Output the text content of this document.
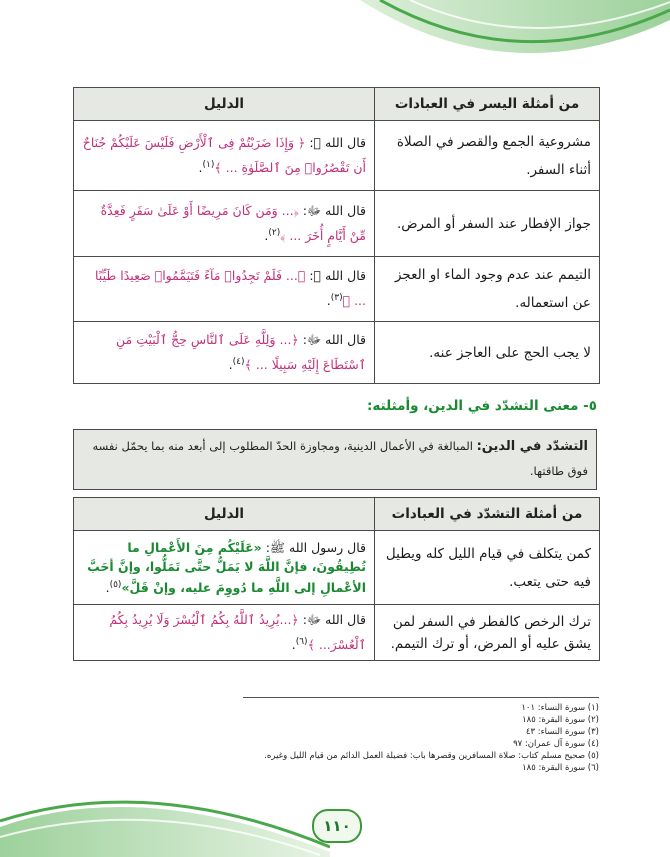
من أمثلة اليسر في العبادات	الدليل
مشروعية الجمع والقصر في الصلاة أثناء السفر.	قال الله ﷻ: ﴿ وَإِذَا ضَرَبْتُمْ فِى ٱلْأَرْضِ فَلَيْسَ عَلَيْكُمْ جُنَاحٌ أَن تَقْصُرُوا۟ مِنَ ٱلصَّلَوٰةِ ... ﴾$^{(١)}$.
جواز الإفطار عند السفر أو المرض.	قال الله ﷻ: ﴿... وَمَن كَانَ مَرِيضًا أَوْ عَلَىٰ سَفَرٍ فَعِدَّةٌ مِّنْ أَيَّامٍ أُخَرَ ... ﴾$^{(٢)}$.
التيمم عند عدم وجود الماء او العجز عن استعماله.	قال الله ﷻ: ﴿... فَلَمْ تَجِدُوا۟ مَآءً فَتَيَمَّمُوا۟ صَعِيدًا طَيِّبًا ... ﴾$^{(٣)}$.
لا يجب الحج على العاجز عنه.	قال الله ﷻ: ﴿... وَلِلَّهِ عَلَى ٱلنَّاسِ حِجُّ ٱلْبَيْتِ مَنِ ٱسْتَطَاعَ إِلَيْهِ سَبِيلًا ... ﴾$^{(٤)}$.
٥- معنى التشدّد في الدين، وأمثلته:
التشدّد في الدين: المبالغة في الأعمال الدينية، ومجاوزة الحدّ المطلوب إلى أبعد منه بما يحمّل نفسه فوق طاقتها.
من أمثلة التشدّد في العبادات	الدليل
كمن يتكلف في قيام الليل كله ويطيل فيه حتى يتعب.	قال رسول الله ﷺ: «عَلَيْكُم مِنَ الأَعْمالِ ما تُطِيقُونَ، فإنَّ اللَّهَ لا يَمَلُّ حتَّى تَمَلُّوا، وإنَّ أحَبَّ الأعْمالِ إلى اللَّهِ ما دُووِمَ عليه، وإنْ قَلَّ»$^{(٥)}$.
ترك الرخص كالفطر في السفر لمن يشق عليه أو المرض، أو ترك التيمم.	قال الله ﷻ: ﴿...يُرِيدُ ٱللَّهُ بِكُمُ ٱلْيُسْرَ وَلَا يُرِيدُ بِكُمُ ٱلْعُسْرَ... ﴾$^{(٦)}$.
(١) سورة النساء: ١٠١
(٢) سورة البقرة: ١٨٥
(٣) سورة النساء: ٤٣
(٤) سورة آل عمران: ٩٧
(٥) صحيح مسلم كتاب: صلاة المسافرين وقصرها باب: فضيلة العمل الدائم من قيام الليل وغيره.
(٦) سورة البقرة: ١٨٥
١١٠
